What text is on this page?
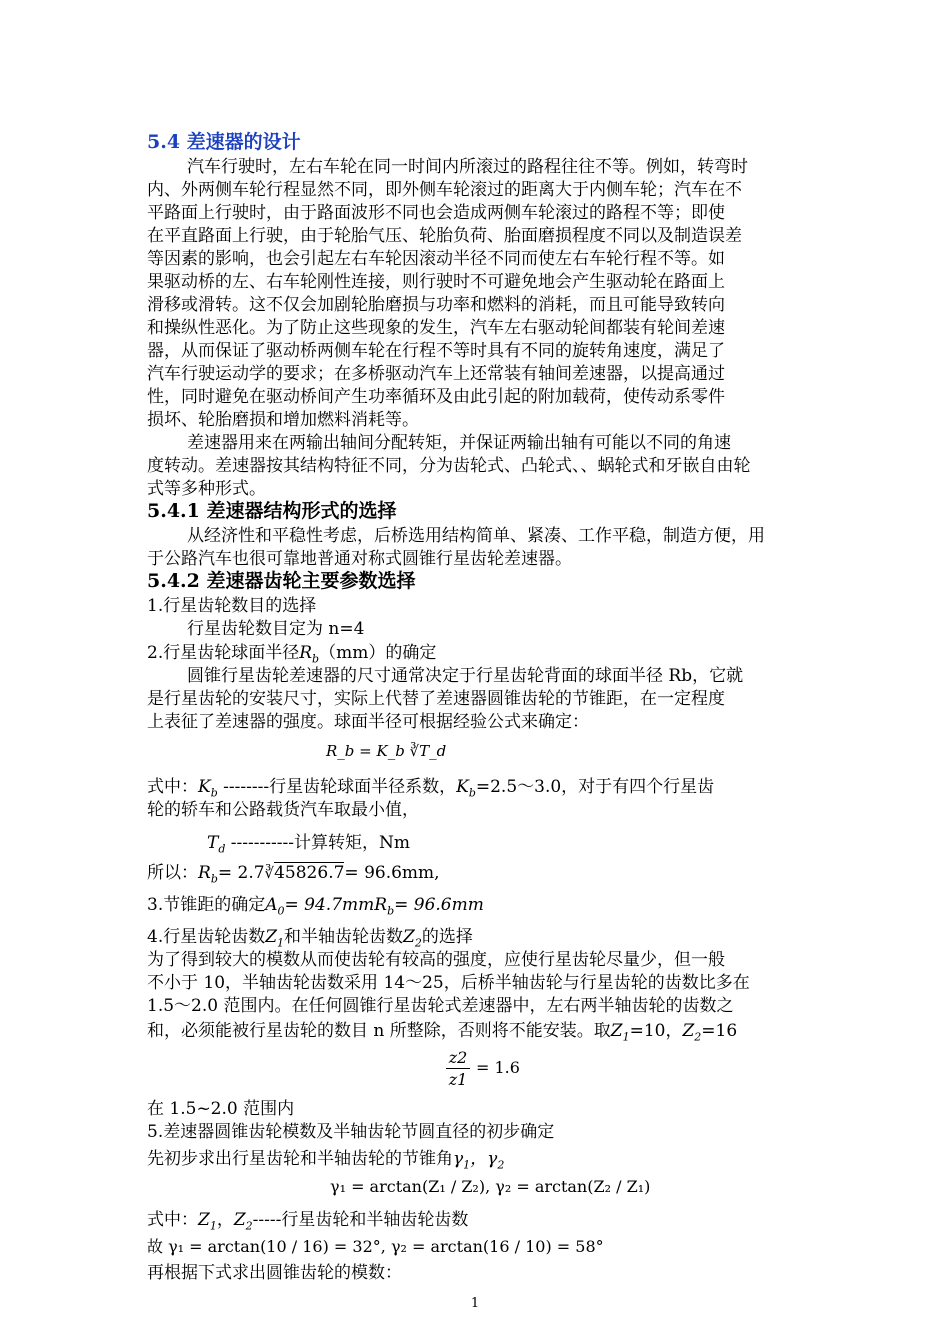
5.4 差速器的设计
汽车行驶时，左右车轮在同一时间内所滚过的路程往往不等。例如，转弯时
内、外两侧车轮行程显然不同，即外侧车轮滚过的距离大于内侧车轮；汽车在不
平路面上行驶时，由于路面波形不同也会造成两侧车轮滚过的路程不等；即使
在平直路面上行驶，由于轮胎气压、轮胎负荷、胎面磨损程度不同以及制造误差
等因素的影响，也会引起左右车轮因滚动半径不同而使左右车轮行程不等。如
果驱动桥的左、右车轮刚性连接，则行驶时不可避免地会产生驱动轮在路面上
滑移或滑转。这不仅会加剧轮胎磨损与功率和燃料的消耗，而且可能导致转向
和操纵性恶化。为了防止这些现象的发生，汽车左右驱动轮间都装有轮间差速
器，从而保证了驱动桥两侧车轮在行程不等时具有不同的旋转角速度，满足了
汽车行驶运动学的要求；在多桥驱动汽车上还常装有轴间差速器，以提高通过
性，同时避免在驱动桥间产生功率循环及由此引起的附加载荷，使传动系零件
损坏、轮胎磨损和增加燃料消耗等。
差速器用来在两输出轴间分配转矩，并保证两输出轴有可能以不同的角速
度转动。差速器按其结构特征不同，分为齿轮式、凸轮式、、蜗轮式和牙嵌自由轮
式等多种形式。
5.4.1 差速器结构形式的选择
从经济性和平稳性考虑，后桥选用结构简单、紧凑、工作平稳，制造方便，用
于公路汽车也很可靠地普通对称式圆锥行星齿轮差速器。
5.4.2 差速器齿轮主要参数选择
1.行星齿轮数目的选择
行星齿轮数目定为 n=4
2.行星齿轮球面半径$R_b(mm)$的确定
圆锥行星齿轮差速器的尺寸通常决定于行星齿轮背面的球面半径 Rb，它就
是行星齿轮的安装尺寸，实际上代替了差速器圆锥齿轮的节锥距，在一定程度
上表征了差速器的强度。球面半径可根据经验公式来确定：
R_b = K_b ∛T_d
式中：$K_b$ --------行星齿轮球面半径系数，$K_b=2.5\sim 3.0$，对于有四个行星齿
轮的轿车和公路载货汽车取最小值，
$T_d$ -----------计算转矩，Nm
所以：$R_b=$ 2.7∛45826.7= 96.6mm,
3.节锥距的确定$A_0= 94.7mmR_b= 96.6mm$
4.行星齿轮齿数$Z_1$和半轴齿轮齿数$Z_2$的选择
为了得到较大的模数从而使齿轮有较高的强度，应使行星齿轮尽量少，但一般
不小于 10，半轴齿轮齿数采用 14～25，后桥半轴齿轮与行星齿轮的齿数比多在
1.5～2.0 范围内。在任何圆锥行星齿轮式差速器中，左右两半轴齿轮的齿数之
和，必须能被行星齿轮的数目 n 所整除，否则将不能安装。取$Z_1=10$，$Z_2=16$
z2
z1
= 1.6
在 1.5~2.0 范围内
5.差速器圆锥齿轮模数及半轴齿轮节圆直径的初步确定
先初步求出行星齿轮和半轴齿轮的节锥角$\gamma_1$，$\gamma_2$
γ₁ = arctan(Z₁ / Z₂), γ₂ = arctan(Z₂ / Z₁)
式中：$Z_1$，$Z_2-----$行星齿轮和半轴齿轮齿数
故 γ₁ = arctan(10 / 16) = 32°, γ₂ = arctan(16 / 10) = 58°
再根据下式求出圆锥齿轮的模数：
1
